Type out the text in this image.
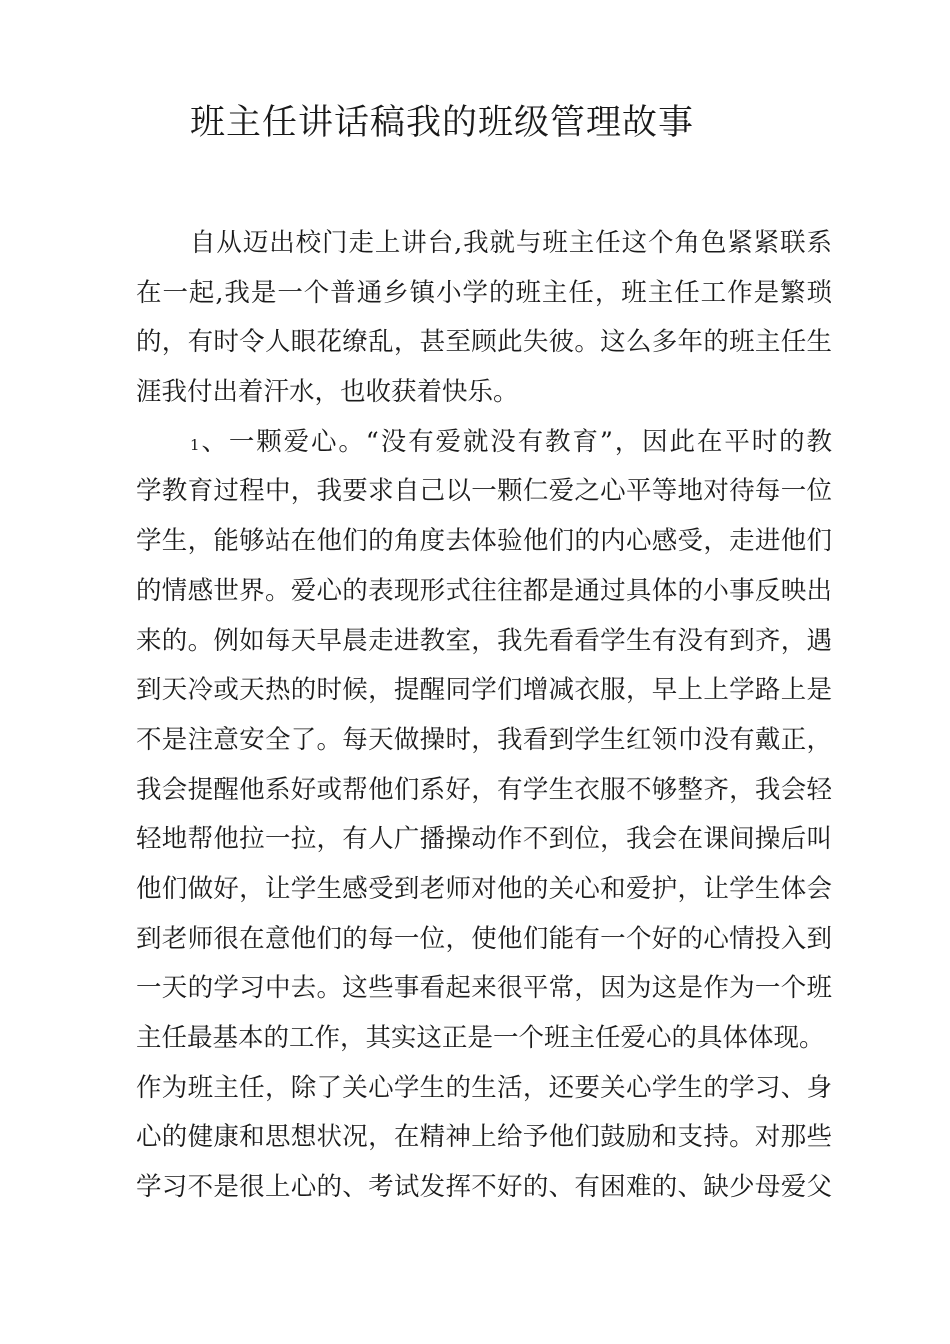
班主任讲话稿我的班级管理故事
自从迈出校门走上讲台,我就与班主任这个角色紧紧联系
在一起,我是一个普通乡镇小学的班主任，班主任工作是繁琐
的，有时令人眼花缭乱，甚至顾此失彼。这么多年的班主任生
涯我付出着汗水，也收获着快乐。
1、一颗爱心。“没有爱就没有教育”，因此在平时的教
学教育过程中，我要求自己以一颗仁爱之心平等地对待每一位
学生，能够站在他们的角度去体验他们的内心感受，走进他们
的情感世界。爱心的表现形式往往都是通过具体的小事反映出
来的。例如每天早晨走进教室，我先看看学生有没有到齐，遇
到天冷或天热的时候，提醒同学们增减衣服，早上上学路上是
不是注意安全了。每天做操时，我看到学生红领巾没有戴正，
我会提醒他系好或帮他们系好，有学生衣服不够整齐，我会轻
轻地帮他拉一拉，有人广播操动作不到位，我会在课间操后叫
他们做好，让学生感受到老师对他的关心和爱护，让学生体会
到老师很在意他们的每一位，使他们能有一个好的心情投入到
一天的学习中去。这些事看起来很平常，因为这是作为一个班
主任最基本的工作，其实这正是一个班主任爱心的具体体现。
作为班主任，除了关心学生的生活，还要关心学生的学习、身
心的健康和思想状况，在精神上给予他们鼓励和支持。对那些
学习不是很上心的、考试发挥不好的、有困难的、缺少母爱父
